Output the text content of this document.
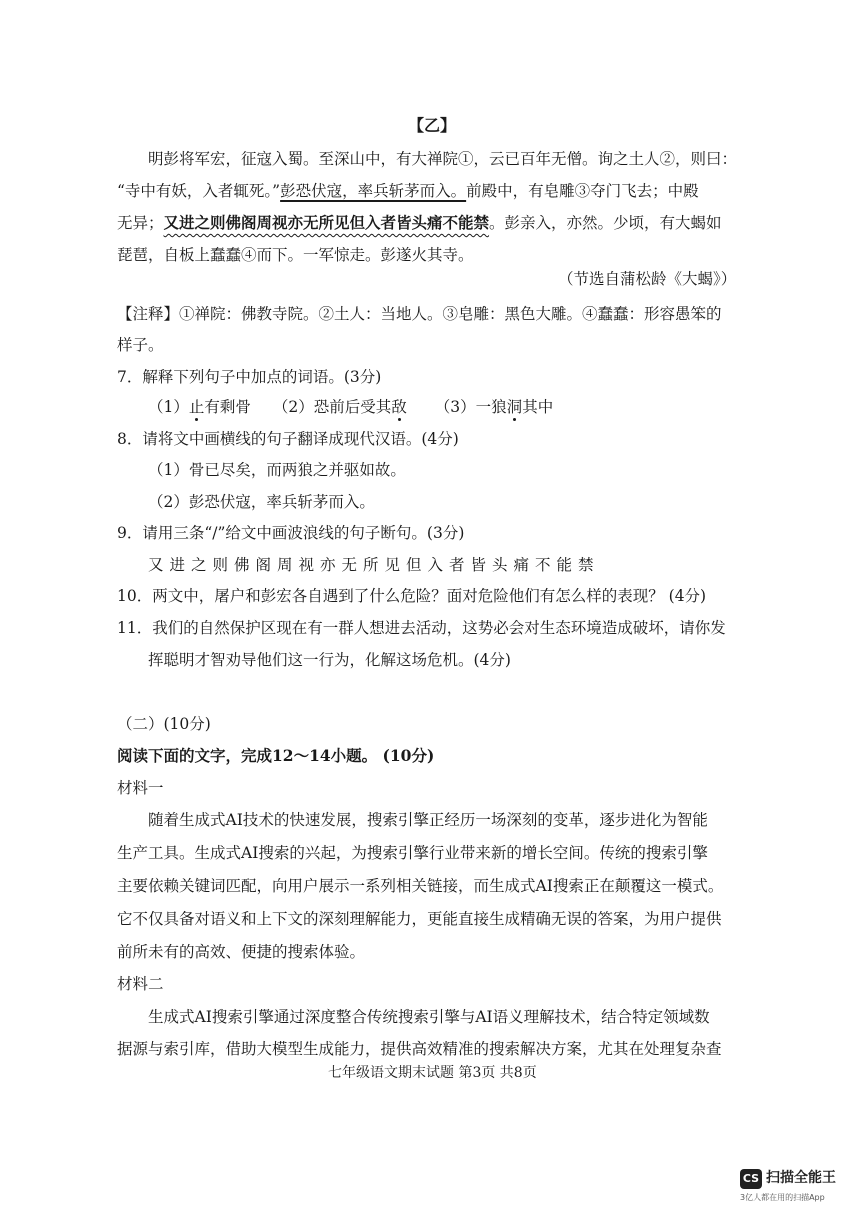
【乙】
明彭将军宏，征寇入蜀。至深山中，有大禅院①，云已百年无僧。询之土人②，则曰：
“寺中有妖，入者辄死。”彭恐伏寇，率兵斩茅而入。前殿中，有皂雕③夺门飞去；中殿
无异；又进之则佛阁周视亦无所见但入者皆头痛不能禁。彭亲入，亦然。少顷，有大蝎如
琵琶，自板上蠢蠢④而下。一军惊走。彭遂火其寺。
（节选自蒲松龄《大蝎》）
【注释】①禅院：佛教寺院。②土人：当地人。③皂雕：黑色大雕。④蠢蠢：形容愚笨的
样子。
7．解释下列句子中加点的词语。(3分)
（1）止有剩骨 （2）恐前后受其敌 （3）一狼洞其中
8．请将文中画横线的句子翻译成现代汉语。(4分)
（1）骨已尽矣，而两狼之并驱如故。
（2）彭恐伏寇，率兵斩茅而入。
9．请用三条“/”给文中画波浪线的句子断句。(3分)
又进之则佛阁周视亦无所见但入者皆头痛不能禁
10．两文中，屠户和彭宏各自遇到了什么危险？面对危险他们有怎么样的表现？ (4分)
11．我们的自然保护区现在有一群人想进去活动，这势必会对生态环境造成破坏，请你发
挥聪明才智劝导他们这一行为，化解这场危机。(4分)
（二）(10分)
阅读下面的文字，完成12～14小题。 (10分)
材料一
随着生成式AI技术的快速发展，搜索引擎正经历一场深刻的变革，逐步进化为智能
生产工具。生成式AI搜索的兴起，为搜索引擎行业带来新的增长空间。传统的搜索引擎
主要依赖关键词匹配，向用户展示一系列相关链接，而生成式AI搜索正在颠覆这一模式。
它不仅具备对语义和上下文的深刻理解能力，更能直接生成精确无误的答案，为用户提供
前所未有的高效、便捷的搜索体验。
材料二
生成式AI搜索引擎通过深度整合传统搜索引擎与AI语义理解技术，结合特定领域数
据源与索引库，借助大模型生成能力，提供高效精准的搜索解决方案，尤其在处理复杂查
七年级语文期末试题 第3页 共8页
CS 扫描全能王
3亿人都在用的扫描App
